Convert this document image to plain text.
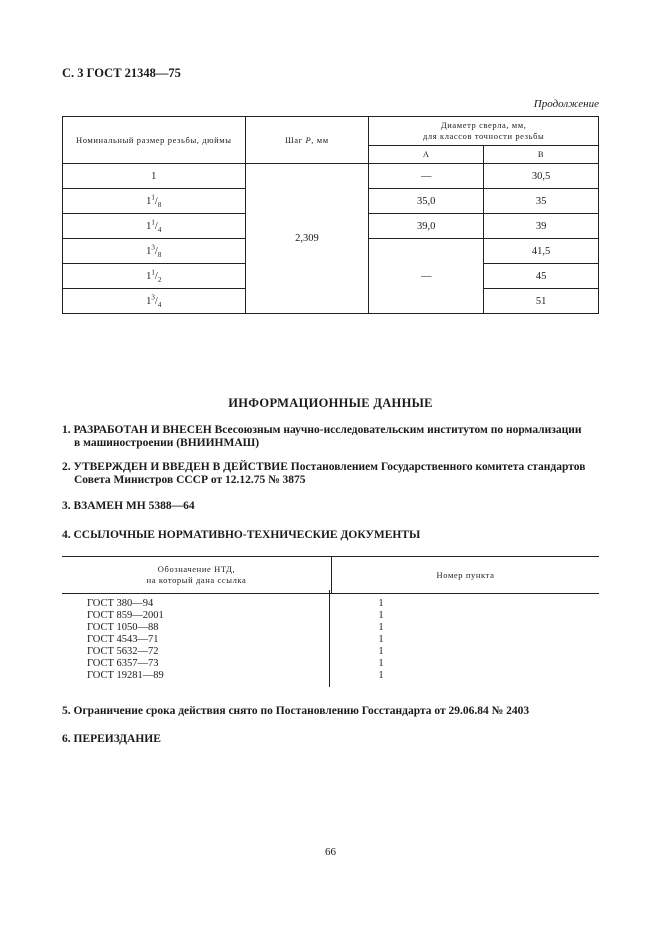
С. 3 ГОСТ 21348—75
Продолжение
Номинальный размер резьбы, дюймы	Шаг P, мм	Диаметр сверла, мм,
для классов точности резьбы	
		A	B
1	2,309	—	30,5
$1^1/_8$		35,0	35
$1^1/_4$		39,0	39
$1^3/_8$		—	41,5
$1^1/_2$			45
$1^3/_4$			51
ИНФОРМАЦИОННЫЕ ДАННЫЕ
1. РАЗРАБОТАН И ВНЕСЕН Всесоюзным научно-исследовательским институтом по нормализации
в машиностроении (ВНИИНМАШ)
2. УТВЕРЖДЕН И ВВЕДЕН В ДЕЙСТВИЕ Постановлением Государственного комитета стандартов
Совета Министров СССР от 12.12.75 № 3875
3. ВЗАМЕН МН 5388—64
4. ССЫЛОЧНЫЕ НОРМАТИВНО-ТЕХНИЧЕСКИЕ ДОКУМЕНТЫ
Обозначение НТД,
на который дана ссылка	Номер пункта
ГОСТ 380—94	1
ГОСТ 859—2001	1
ГОСТ 1050—88	1
ГОСТ 4543—71	1
ГОСТ 5632—72	1
ГОСТ 6357—73	1
ГОСТ 19281—89	1
5. Ограничение срока действия снято по Постановлению Госстандарта от 29.06.84 № 2403
6. ПЕРЕИЗДАНИЕ
66
